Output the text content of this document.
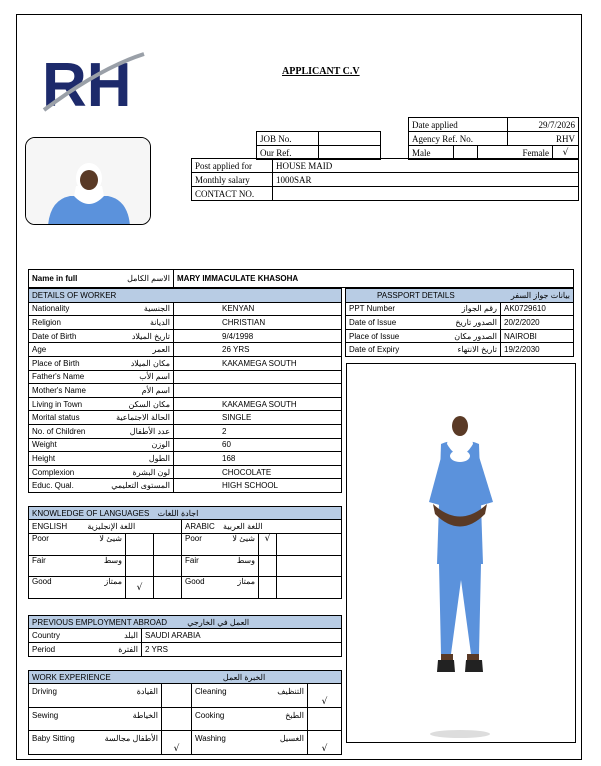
RH	APPLICANT C.V
Date applied			29/7/2026	
Agency Ref. No.			RHV	
Male			Female	√
JOB No.	
Our Ref.	
Post applied for	HOUSE MAID
Monthly salary	1000SAR
CONTACT NO.	
Name in full	الاسم الكامل	MARY IMMACULATE KHASOHA
DETAILS OF WORKER	

Nationality الجنسية	KENYAN

Religion الديانة	CHRISTIAN

Date of Birth تاريخ الميلاد	9/4/1998

Age العمر	26 YRS

Place of Birth مكان الميلاد	KAKAMEGA SOUTH

Father's Name اسم الأب	

Mother's Name اسم الأم	

Living in Town مكان السكن	KAKAMEGA SOUTH

Morital status الحالة الاجتماعية	SINGLE

No. of Children عدد الأطفال	2

Weight الوزن	60

Height الطول	168

Complexion لون البشرة	CHOCOLATE

Educ. Qual. المستوى التعليمي	HIGH SCHOOL
PASSPORT DETAILS بيانات جواز السفر	

PPT Number رقم الجواز	AK0729610

Date of Issue الصدور تاريخ	20/2/2020

Place of Issue الصدور مكان	NAIROBI

Date of Expiry تاريخ الانتهاء	19/2/2030
KNOWLEDGE OF LANGUAGES اجادة اللغات					
ENGLISH اللغة الإنجليزية			ARABIC اللغة العربية		

Poor شيئ لا			Poor شيئ لا	√	

Fair وسط			Fair وسط		

Good ممتاز	√		Good ممتاز		

PREVIOUS EMPLOYMENT ABROAD العمل في الخارجي	

Country البلد	SAUDI ARABIA

Period الفترة	2 YRS
WORK EXPERIENCE الخبرة العمل			

Driving القيادة		Cleaning التنظيف	√

Sewing الخياطة		Cooking الطبخ	

Baby Sitting الأطفال مجالسة	√	Washing الغسيل	√
